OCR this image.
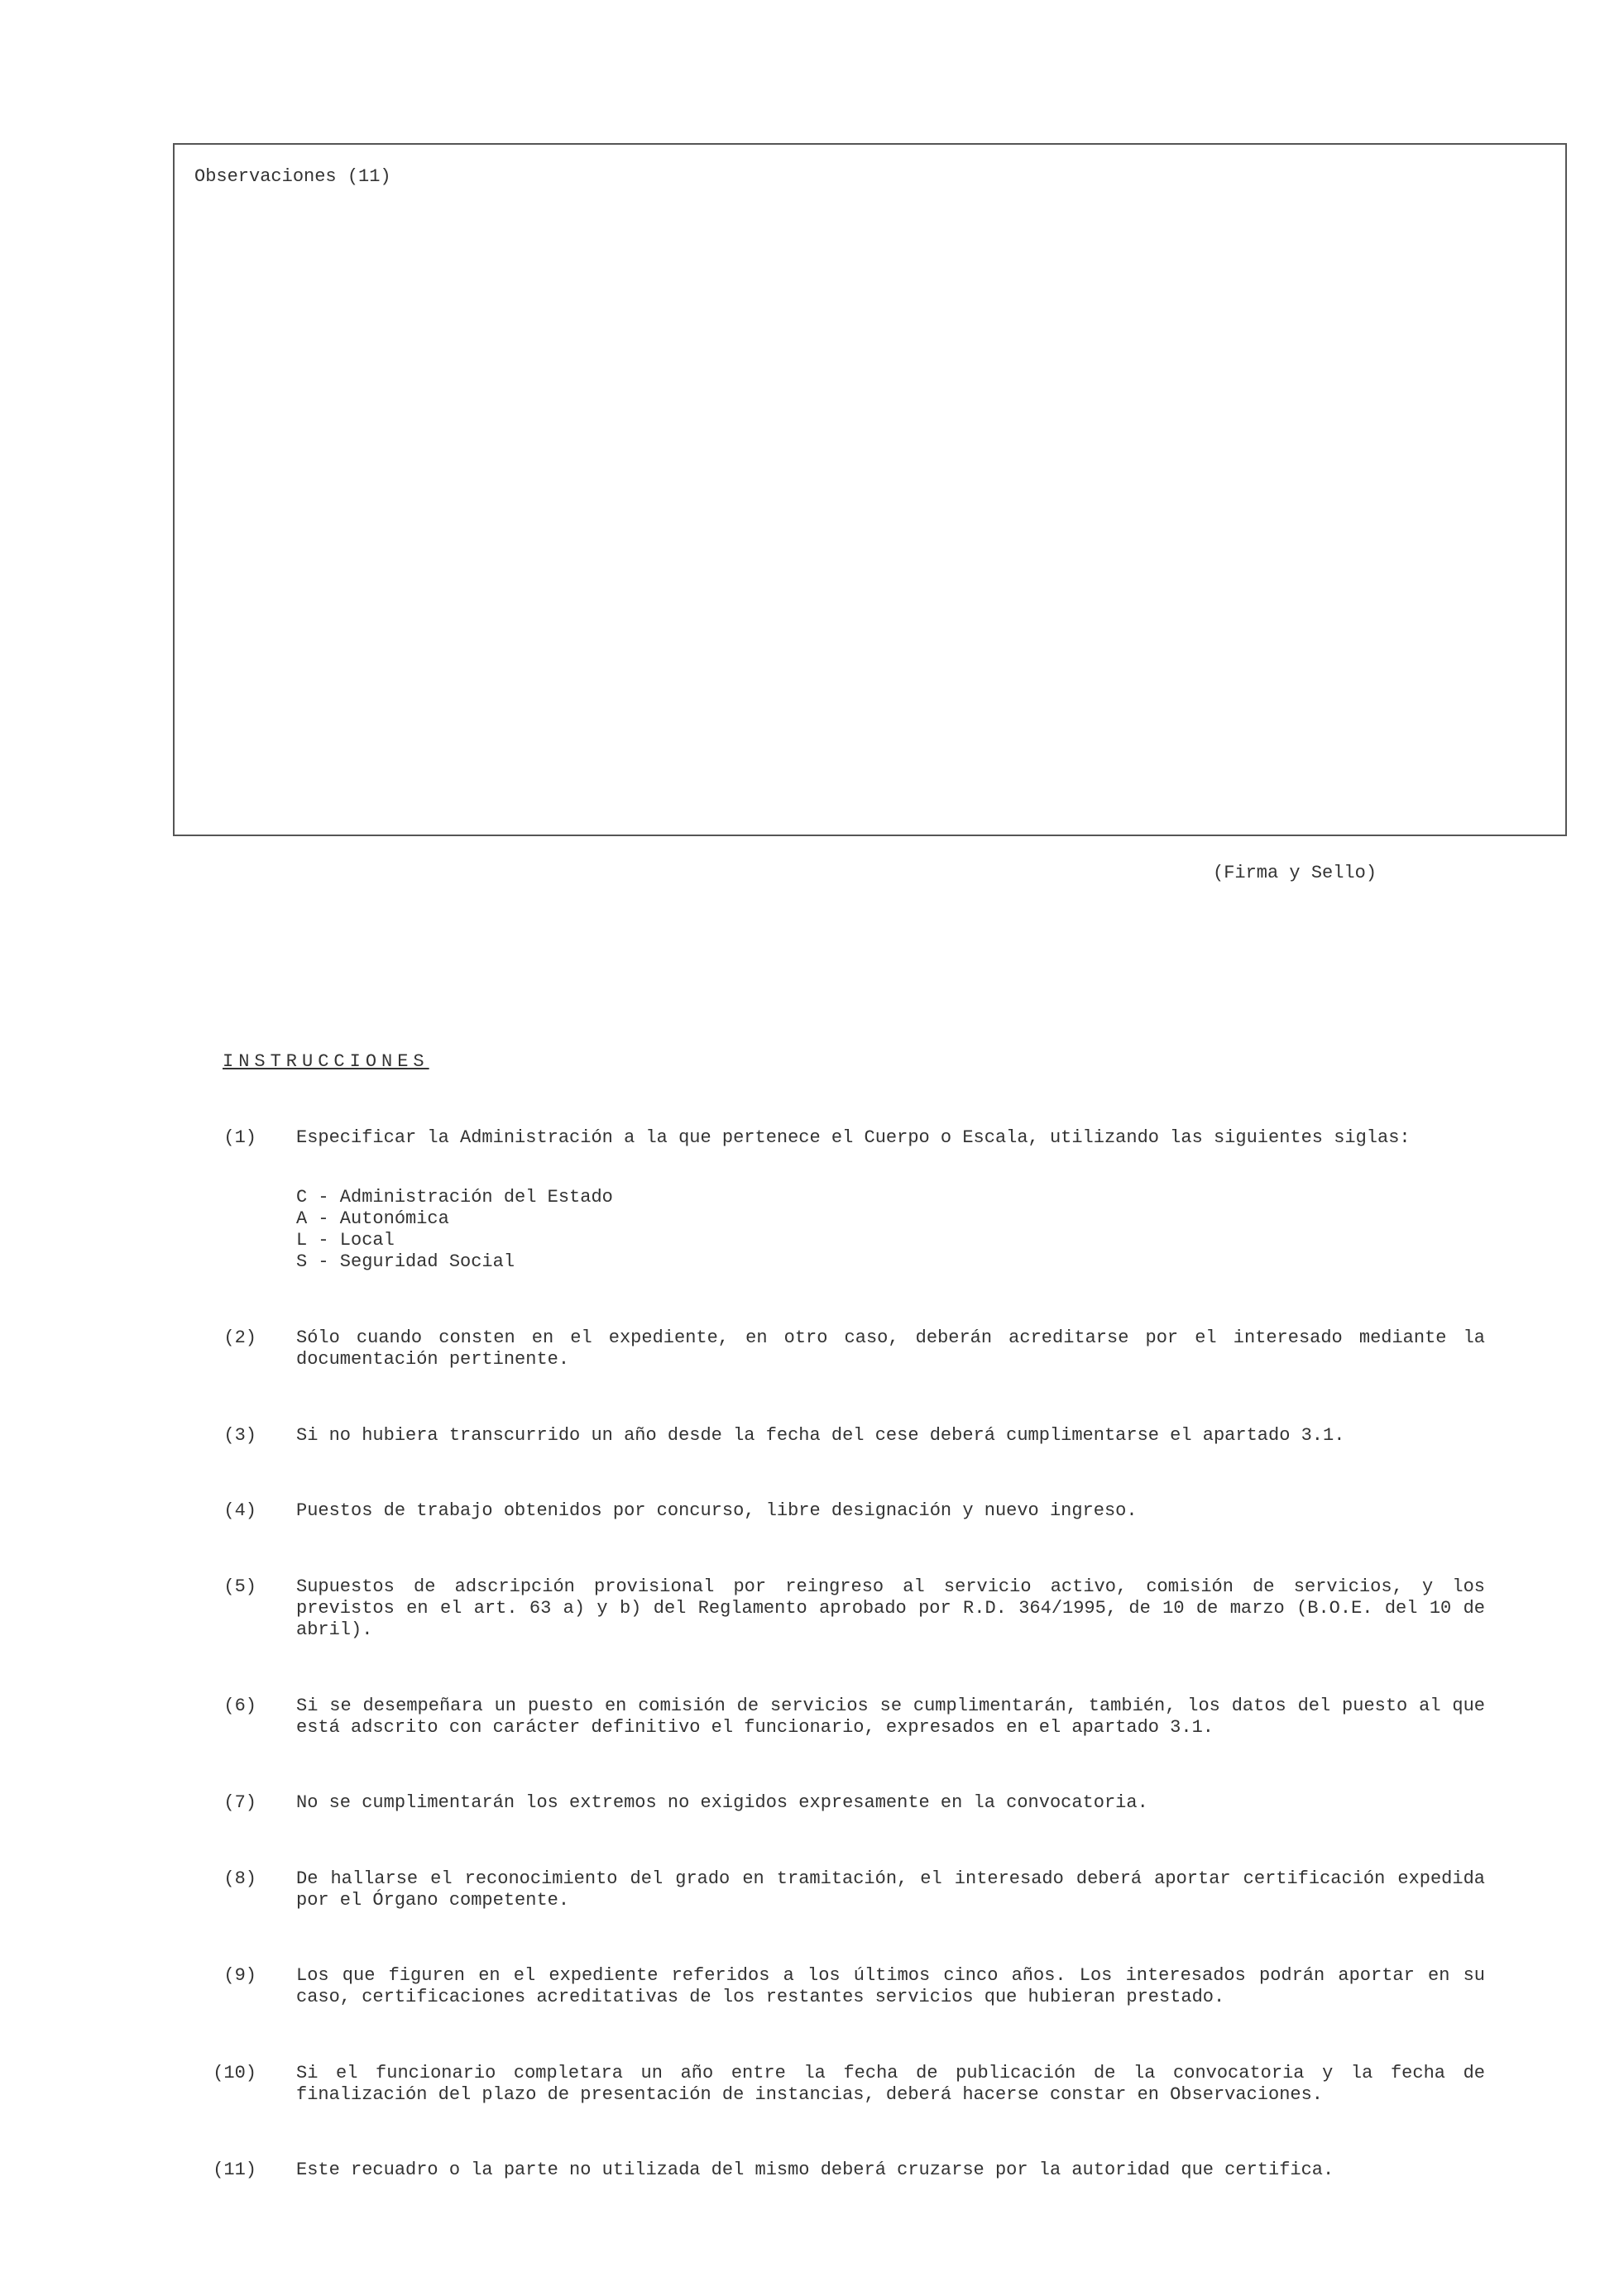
Observaciones (11)
(Firma y Sello)
INSTRUCCIONES
(1) Especificar la Administración a la que pertenece el Cuerpo o Escala, utilizando las siguientes siglas:
C - Administración del Estado
A - Autonómica
L - Local
S - Seguridad Social
(2) Sólo cuando consten en el expediente, en otro caso, deberán acreditarse por el interesado mediante la documentación pertinente.
(3) Si no hubiera transcurrido un año desde la fecha del cese deberá cumplimentarse el apartado 3.1.
(4) Puestos de trabajo obtenidos por concurso, libre designación y nuevo ingreso.
(5) Supuestos de adscripción provisional por reingreso al servicio activo, comisión de servicios, y los previstos en el art. 63 a) y b) del Reglamento aprobado por R.D. 364/1995, de 10 de marzo (B.O.E. del 10 de abril).
(6) Si se desempeñara un puesto en comisión de servicios se cumplimentarán, también, los datos del puesto al que está adscrito con carácter definitivo el funcionario, expresados en el apartado 3.1.
(7) No se cumplimentarán los extremos no exigidos expresamente en la convocatoria.
(8) De hallarse el reconocimiento del grado en tramitación, el interesado deberá aportar certificación expedida por el Órgano competente.
(9) Los que figuren en el expediente referidos a los últimos cinco años. Los interesados podrán aportar en su caso, certificaciones acreditativas de los restantes servicios que hubieran prestado.
(10) Si el funcionario completara un año entre la fecha de publicación de la convocatoria y la fecha de finalización del plazo de presentación de instancias, deberá hacerse constar en Observaciones.
(11) Este recuadro o la parte no utilizada del mismo deberá cruzarse por la autoridad que certifica.
